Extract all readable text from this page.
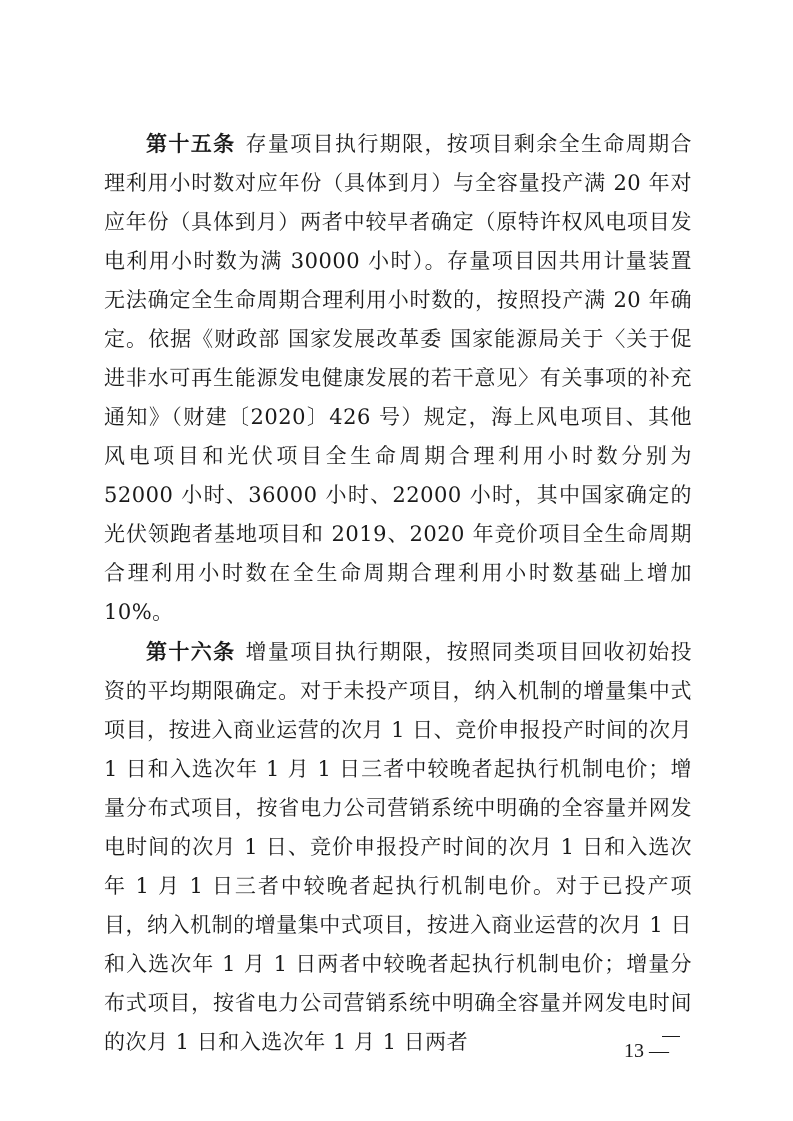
第十五条 存量项目执行期限，按项目剩余全生命周期合理利用小时数对应年份（具体到月）与全容量投产满 20 年对应年份（具体到月）两者中较早者确定（原特许权风电项目发电利用小时数为满 30000 小时）。存量项目因共用计量装置无法确定全生命周期合理利用小时数的，按照投产满 20 年确定。依据《财政部 国家发展改革委 国家能源局关于〈关于促进非水可再生能源发电健康发展的若干意见〉有关事项的补充通知》（财建〔2020〕426 号）规定，海上风电项目、其他风电项目和光伏项目全生命周期合理利用小时数分别为 52000 小时、36000 小时、22000 小时，其中国家确定的光伏领跑者基地项目和 2019、2020 年竞价项目全生命周期合理利用小时数在全生命周期合理利用小时数基础上增加 10%。

第十六条 增量项目执行期限，按照同类项目回收初始投资的平均期限确定。对于未投产项目，纳入机制的增量集中式项目，按进入商业运营的次月 1 日、竞价申报投产时间的次月 1 日和入选次年 1 月 1 日三者中较晚者起执行机制电价；增量分布式项目，按省电力公司营销系统中明确的全容量并网发电时间的次月 1 日、竞价申报投产时间的次月 1 日和入选次年 1 月 1 日三者中较晚者起执行机制电价。对于已投产项目，纳入机制的增量集中式项目，按进入商业运营的次月 1 日和入选次年 1 月 1 日两者中较晚者起执行机制电价；增量分布式项目，按省电力公司营销系统中明确全容量并网发电时间的次月 1 日和入选次年 1 月 1 日两者	13 —
